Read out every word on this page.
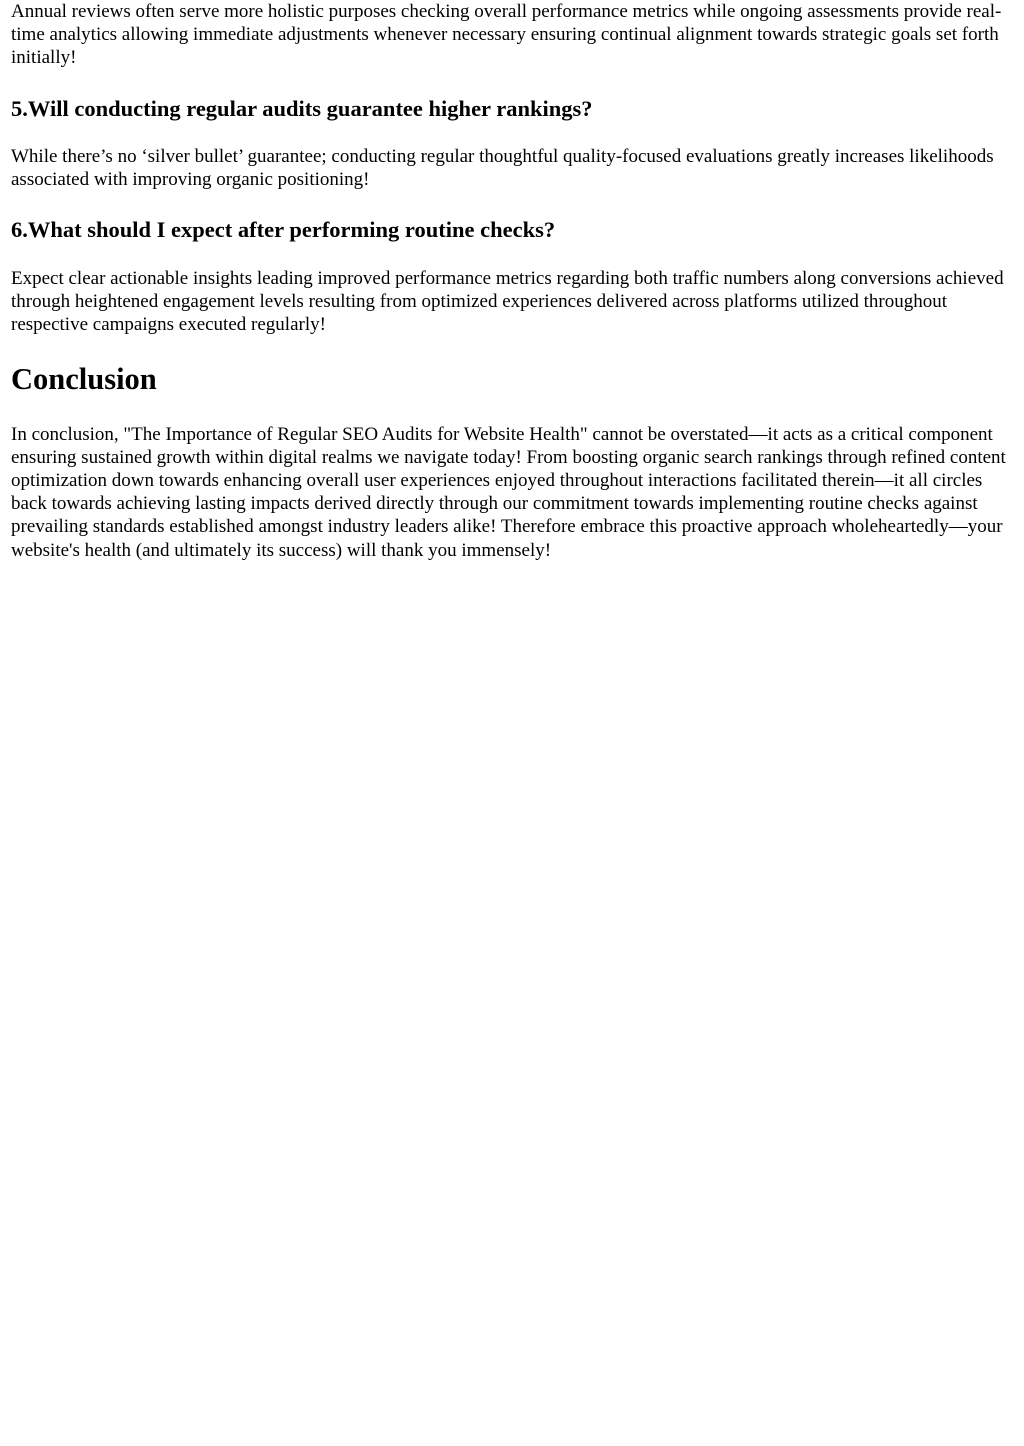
Annual reviews often serve more holistic purposes checking overall performance metrics while ongoing assessments provide real-time analytics allowing immediate adjustments whenever necessary ensuring continual alignment towards strategic goals set forth initially!

5.Will conducting regular audits guarantee higher rankings?

While there’s no ‘silver bullet’ guarantee; conducting regular thoughtful quality-focused evaluations greatly increases likelihoods associated with improving organic positioning!

6.What should I expect after performing routine checks?

Expect clear actionable insights leading improved performance metrics regarding both traffic numbers along conversions achieved through heightened engagement levels resulting from optimized experiences delivered across platforms utilized throughout respective campaigns executed regularly!

Conclusion

In conclusion, "The Importance of Regular SEO Audits for Website Health" cannot be overstated—it acts as a critical component ensuring sustained growth within digital realms we navigate today! From boosting organic search rankings through refined content optimization down towards enhancing overall user experiences enjoyed throughout interactions facilitated therein—it all circles back towards achieving lasting impacts derived directly through our commitment towards implementing routine checks against prevailing standards established amongst industry leaders alike! Therefore embrace this proactive approach wholeheartedly—your website's health (and ultimately its success) will thank you immensely!
